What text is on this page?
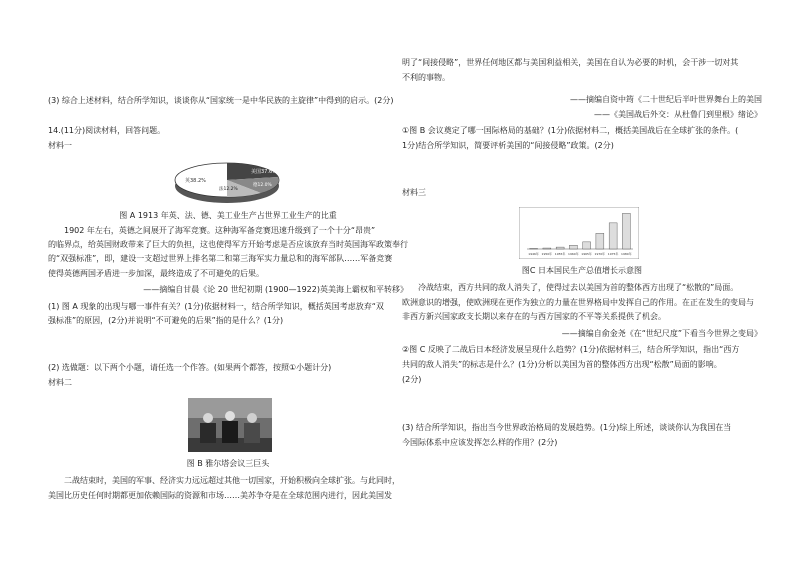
(3) 综合上述材料，结合所学知识，谈谈你从“国家统一是中华民族的主旋律”中得到的启示。(2分)

14.(11分)阅读材料，回答问题。

材料一

英38.2%
美国37.6%
德12.0%
法12.2%

图 A 1913 年英、法、德、美工业生产占世界工业生产的比重

1902 年左右，英德之间展开了海军竞赛。这种海军备竞赛迅速升级到了一个十分“昂贵”

的临界点，给英国财政带来了巨大的负担，这也使得军方开始考虑是否应该放弃当时英国海军政策奉行

的“双强标准”，即，建设一支超过世界上排名第二和第三海军实力量总和的海军部队……军备竞赛

使得英德两国矛盾进一步加深，最终造成了不可避免的后果。

——摘编自甘晨《论 20 世纪初期 (1900—1922)英美海上霸权和平转移》

(1) 图 A 现象的出现与哪一事件有关？(1分)依据材料一，结合所学知识，概括英国考虑放弃“双

强标准”的原因，(2分)并说明“不可避免的后果”指的是什么？(1分)

(2) 选做题：以下两个小题，请任选一个作答。(如果两个都答，按照①小题计分)

材料二

图 B 雅尔塔会议三巨头

二战结束时，美国的军事、经济实力远远超过其他一切国家，开始积极向全球扩张。与此同时，

美国比历史任何时期都更加依赖国际的资源和市场……美苏争夺是在全球范围内进行，因此美国发

明了“间接侵略”，世界任何地区都与美国利益相关，美国在自认为必要的时机，会干涉一切对其

不利的事物。

——摘编自资中筠《二十世纪后半叶世界舞台上的美国

——《美国战后外交：从杜鲁门到里根》绪论》

①图 B 会议奠定了哪一国际格局的基础？(1分)依据材料二，概括美国战后在全球扩张的条件。(

1分)结合所学知识，简要评析美国的“间接侵略”政策。(2分)

材料三

1946年 1950年 1955年 1960年 1965年 1970年 1975年 1980年

图C 日本国民生产总值增长示意图

冷战结束，西方共同的敌人消失了，使得过去以美国为首的整体西方出现了“松散的”局面。

欧洲意识的增强，使欧洲现在更作为独立的力量在世界格局中发挥自己的作用。在正在发生的变局与

非西方新兴国家政支长期以来存在的与西方国家的不平等关系提供了机会。

——摘编自俞金尧《在“世纪尺度”下看当今世界之变局》

②图 C 反映了二战后日本经济发展呈现什么趋势？(1分)依据材料三，结合所学知识，指出“西方

共同的敌人消失”的标志是什么？(1分)分析以美国为首的整体西方出现“松散”局面的影响。

(2分)

(3) 结合所学知识，指出当今世界政治格局的发展趋势。(1分)综上所述，谈谈你认为我国在当

今国际体系中应该发挥怎么样的作用？(2分)
